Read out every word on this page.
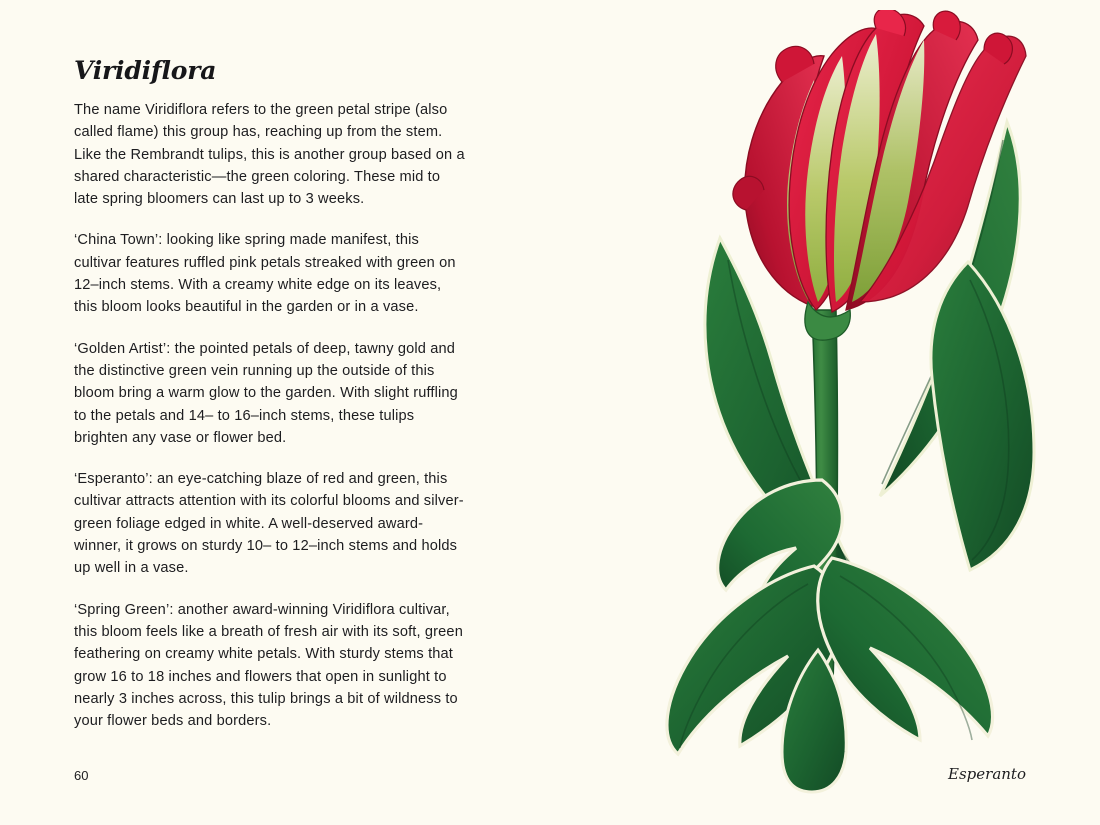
Viridiflora

The name Viridiflora refers to the green petal stripe (also called flame) this group has, reaching up from the stem. Like the Rembrandt tulips, this is another group based on a shared characteristic—the green coloring. These mid to late spring bloomers can last up to 3 weeks.

‘China Town’: looking like spring made manifest, this cultivar features ruffled pink petals streaked with green on 12–inch stems. With a creamy white edge on its leaves, this bloom looks beautiful in the garden or in a vase.

‘Golden Artist’: the pointed petals of deep, tawny gold and the distinctive green vein running up the outside of this bloom bring a warm glow to the garden. With slight ruffling to the petals and 14– to 16–inch stems, these tulips brighten any vase or flower bed.

‘Esperanto’: an eye-catching blaze of red and green, this cultivar attracts attention with its colorful blooms and silver-green foliage edged in white. A well-deserved award-winner, it grows on sturdy 10– to 12–inch stems and holds up well in a vase.

‘Spring Green’: another award-winning Viridiflora cultivar, this bloom feels like a breath of fresh air with its soft, green feathering on creamy white petals. With sturdy stems that grow 16 to 18 inches and flowers that open in sunlight to nearly 3 inches across, this tulip brings a bit of wildness to your flower beds and borders.

60	Esperanto
